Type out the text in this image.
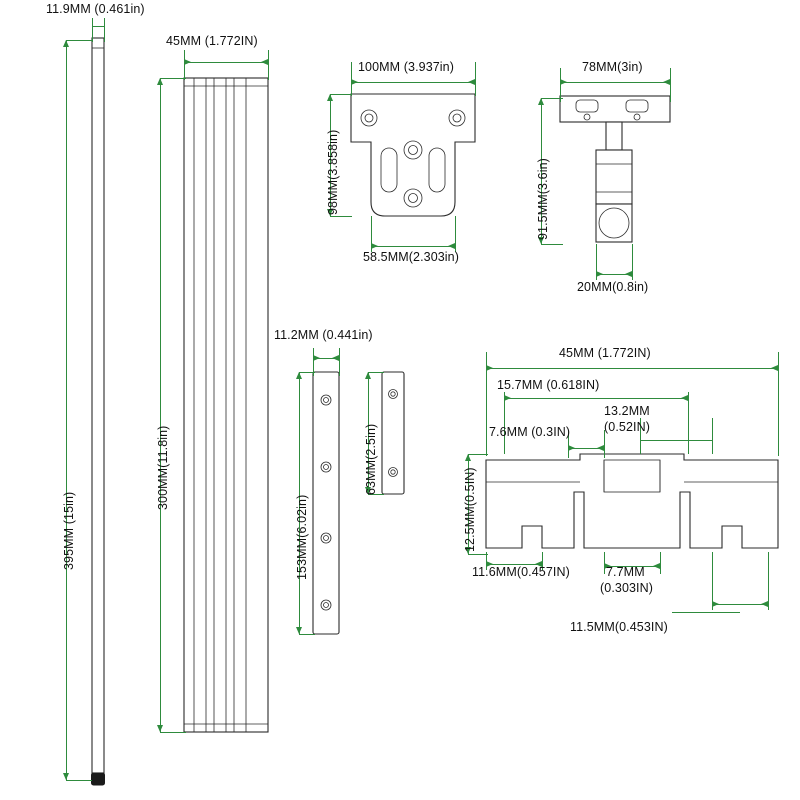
11.9MM (0.461in)
395MM (15in)
45MM (1.772IN)
300MM(11.8in)
100MM (3.937in)
98MM(3.858in)
58.5MM(2.303in)
78MM(3in)
91.5MM(3.6in)
20MM(0.8in)
11.2MM (0.441in)
153MM(6.02in)
63MM(2.5in)
45MM (1.772IN)
15.7MM (0.618IN)
13.2MM
(0.52IN)
7.6MM (0.3IN)
12.5MM(0.5IN)
11.6MM(0.457IN)	7.7MM
(0.303IN)
11.5MM(0.453IN)
